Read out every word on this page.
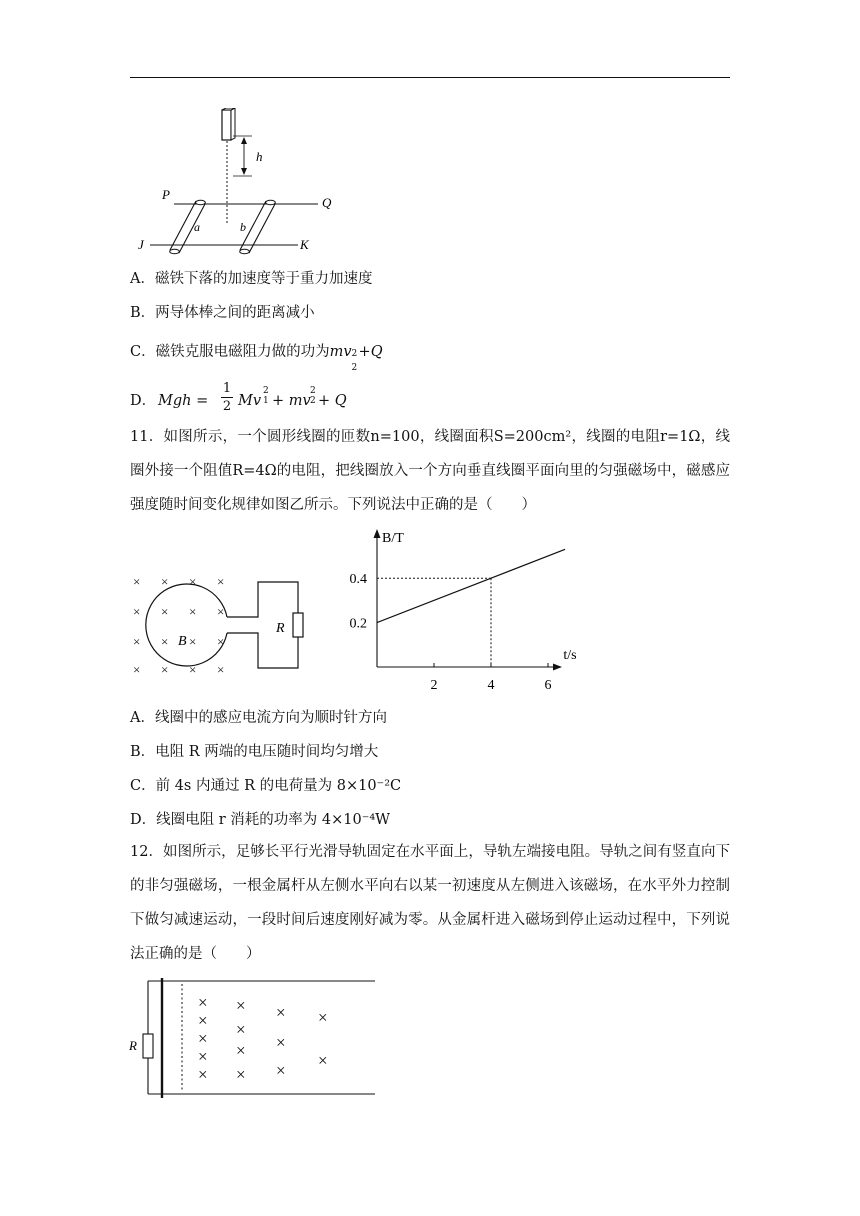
h
P
Q
J	K
a	b
A．磁铁下落的加速度等于重力加速度
B．两导体棒之间的距离减小
C．磁铁克服电磁阻力做的功为mv 2
2
+Q
D． Mgh =
1
2 Mv
2
1 + mv
2
2 + Q
11．如图所示，一个圆形线圈的匝数n=100，线圈面积S=200cm²，线圈的电阻r=1Ω，线圈外接一个阻值R=4Ω的电阻，把线圈放入一个方向垂直线圈平面向里的匀强磁场中，磁感应强度随时间变化规律如图乙所示。下列说法中正确的是（　　）
× × × ×
× × × ×
× × × ×
× × × ×
B
R
B/T
t/s
2	4	6
0.2
0.4
A．线圈中的感应电流方向为顺时针方向
B．电阻 R 两端的电压随时间均匀增大
C．前 4s 内通过 R 的电荷量为 8×10⁻²C
D．线圈电阻 r 消耗的功率为 4×10⁻⁴W
12．如图所示，足够长平行光滑导轨固定在水平面上，导轨左端接电阻。导轨之间有竖直向下的非匀强磁场，一根金属杆从左侧水平向右以某一初速度从左侧进入该磁场，在水平外力控制下做匀减速运动，一段时间后速度刚好减为零。从金属杆进入磁场到停止运动过程中，下列说法正确的是（　　）
R
×
×
×
×
×
×
×
×
×
×
×
×
×
×
